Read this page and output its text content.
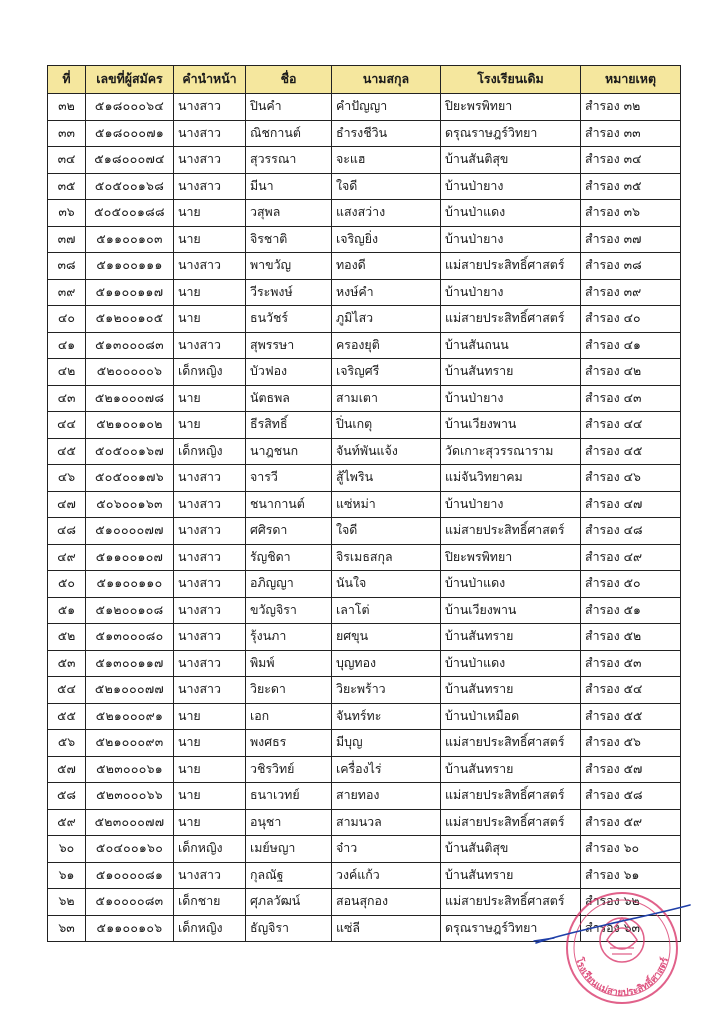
ที่	เลขที่ผู้สมัคร	คำนำหน้า	ชื่อ	นามสกุล	โรงเรียนเดิม	หมายเหตุ
๓๒	๕๑๘๐๐๐๖๔	นางสาว	ปินคำ	คำปัญญา	ปิยะพรพิทยา	สำรอง ๓๒
๓๓	๕๑๘๐๐๐๗๑	นางสาว	ณิชกานต์	ธำรงชีวิน	ดรุณราษฎร์วิทยา	สำรอง ๓๓
๓๔	๕๑๘๐๐๐๗๔	นางสาว	สุวรรณา	จะแฮ	บ้านสันติสุข	สำรอง ๓๔
๓๕	๕๐๕๐๐๑๖๘	นางสาว	มีนา	ใจดี	บ้านป่ายาง	สำรอง ๓๕
๓๖	๕๐๕๐๐๑๘๘	นาย	วสุพล	แสงสว่าง	บ้านป่าแดง	สำรอง ๓๖
๓๗	๕๑๑๐๐๑๐๓	นาย	จิรชาติ	เจริญยิ่ง	บ้านป่ายาง	สำรอง ๓๗
๓๘	๕๑๑๐๐๑๑๑	นางสาว	พาขวัญ	ทองดี	แม่สายประสิทธิ์ศาสตร์	สำรอง ๓๘
๓๙	๕๑๑๐๐๑๑๗	นาย	วีระพงษ์	หงษ์คำ	บ้านป่ายาง	สำรอง ๓๙
๔๐	๕๑๒๐๐๑๐๕	นาย	ธนวัชร์	ภูมิไสว	แม่สายประสิทธิ์ศาสตร์	สำรอง ๔๐
๔๑	๕๑๓๐๐๐๘๓	นางสาว	สุพรรษา	ครองยุติ	บ้านสันถนน	สำรอง ๔๑
๔๒	๕๒๐๐๐๐๐๖	เด็กหญิง	บัวฟอง	เจริญศรี	บ้านสันทราย	สำรอง ๔๒
๔๓	๕๒๑๐๐๐๗๘	นาย	นัตธพล	สามเตา	บ้านป่ายาง	สำรอง ๔๓
๔๔	๕๒๑๐๐๑๐๒	นาย	ธีรสิทธิ์	ปิ่นเกตุ	บ้านเวียงพาน	สำรอง ๔๔
๔๕	๕๐๕๐๐๑๖๗	เด็กหญิง	นาฎชนก	จันท์พันแจ้ง	วัดเกาะสุวรรณาราม	สำรอง ๔๕
๔๖	๕๐๕๐๐๑๗๖	นางสาว	จารวี	สู้ไพริน	แม่จันวิทยาคม	สำรอง ๔๖
๔๗	๕๐๖๐๐๑๖๓	นางสาว	ชนากานต์	แซ่หม่า	บ้านป่ายาง	สำรอง ๔๗
๔๘	๕๑๐๐๐๐๗๗	นางสาว	ศศิรดา	ใจดี	แม่สายประสิทธิ์ศาสตร์	สำรอง ๔๘
๔๙	๕๑๑๐๐๑๐๗	นางสาว	รัญชิดา	จิรเมธสกุล	ปิยะพรพิทยา	สำรอง ๔๙
๕๐	๕๑๑๐๐๑๑๐	นางสาว	อภิญญา	นันใจ	บ้านป่าแดง	สำรอง ๕๐
๕๑	๕๑๒๐๐๑๐๘	นางสาว	ขวัญจิรา	เลาโต่	บ้านเวียงพาน	สำรอง ๕๑
๕๒	๕๑๓๐๐๐๘๐	นางสาว	รุ้งนภา	ยศขุน	บ้านสันทราย	สำรอง ๕๒
๕๓	๕๑๓๐๐๑๑๗	นางสาว	พิมพ์	บุญทอง	บ้านป่าแดง	สำรอง ๕๓
๕๔	๕๒๑๐๐๐๗๗	นางสาว	วิยะดา	วิยะพร้าว	บ้านสันทราย	สำรอง ๕๔
๕๕	๕๒๑๐๐๐๙๑	นาย	เอก	จันทร์ทะ	บ้านป่าเหมือด	สำรอง ๕๕
๕๖	๕๒๑๐๐๐๙๓	นาย	พงศธร	มีบุญ	แม่สายประสิทธิ์ศาสตร์	สำรอง ๕๖
๕๗	๕๒๓๐๐๐๖๑	นาย	วชิรวิทย์	เครื่องไร่	บ้านสันทราย	สำรอง ๕๗
๕๘	๕๒๓๐๐๐๖๖	นาย	ธนาเวทย์	สายทอง	แม่สายประสิทธิ์ศาสตร์	สำรอง ๕๘
๕๙	๕๒๓๐๐๐๗๗	นาย	อนุชา	สามนวล	แม่สายประสิทธิ์ศาสตร์	สำรอง ๕๙
๖๐	๕๐๔๐๐๑๖๐	เด็กหญิง	เมย์ษญา	จ๋าว	บ้านสันติสุข	สำรอง ๖๐
๖๑	๕๑๐๐๐๐๘๑	นางสาว	กุลณัฐ	วงค์แก้ว	บ้านสันทราย	สำรอง ๖๑
๖๒	๕๑๐๐๐๐๘๓	เด็กชาย	ศุภลวัฒน์	สอนสุกอง	แม่สายประสิทธิ์ศาสตร์	สำรอง ๖๒
๖๓	๕๑๑๐๐๑๐๖	เด็กหญิง	ธัญจิรา	แซ่ลี	ดรุณราษฎร์วิทยา	สำรอง ๖๓
โรงเรียนแม่สายประสิทธิ์ศาสตร์
